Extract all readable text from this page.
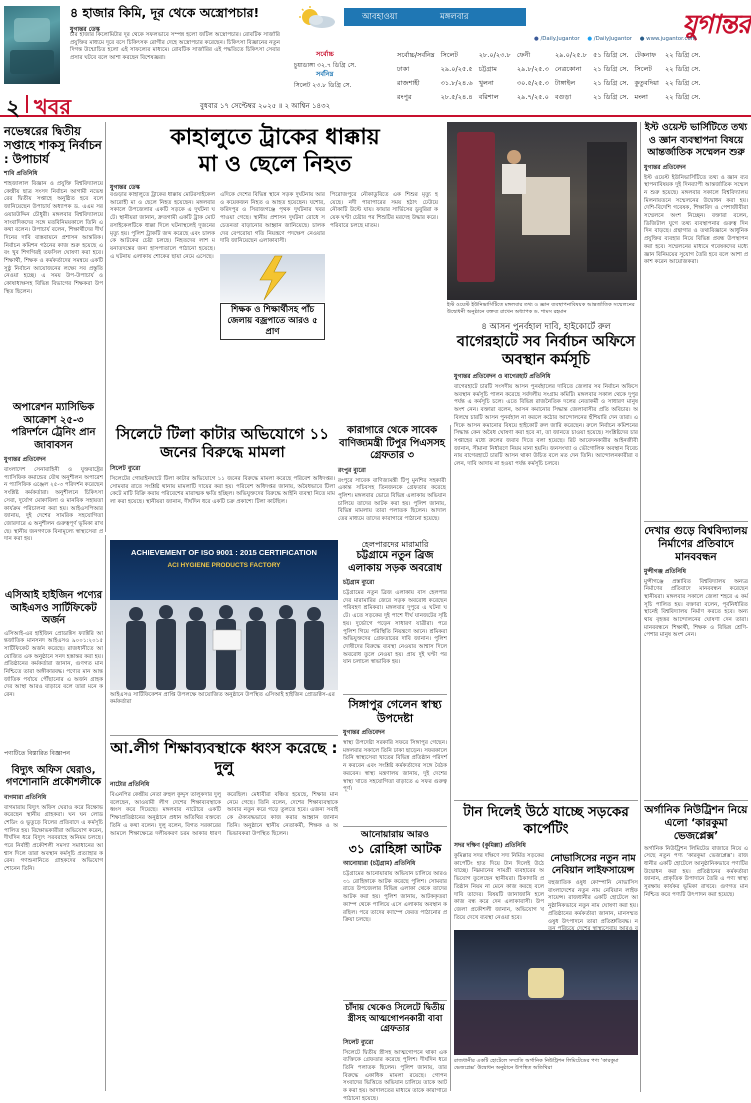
৪ হাজার কিমি, দূর থেকে অস্ত্রোপচার!
যুগান্তর ডেস্ক
চার হাজার কিলোমিটার দূর থেকে সফলভাবে সম্পন্ন হলো জটিল অস্ত্রোপচার। রোবটিক সার্জারি প্রযুক্তির মাধ্যমে দূরে বসে চিকিৎসক রোগীর দেহে অস্ত্রোপচার করেছেন। চিকিৎসা বিজ্ঞানের নতুন দিগন্ত উন্মোচিত হলো এই সাফল্যের মাধ্যমে। রোবটিক সার্জারির এই পদ্ধতিতে চিকিৎসা সেবার প্রসার ঘটবে বলে আশা করছেন বিশেষজ্ঞরা।
আবহাওয়া	মঙ্গলবার	যুগান্তর
● /Daily.Jugantor ● /DailyJugantor ● www.jugantor.com
সর্বোচ্চ
চুয়াডাঙ্গা ৩২.৭ ডিগ্রি সে.
সর্বনিম্ন
সিলেট ২৩.৮ ডিগ্রি সে.
সর্বোচ্চ/সর্বনিম্ন	সিলেট	২৮.০/২৩.৮	ফেনী	২৯.০/২৫.৮	৫১ ডিগ্রি সে.	টেকনাফ	২২ ডিগ্রি সে.
ঢাকা	২৯.০/২৫.৫	চট্টগ্রাম	২৯.৮/২৫.৩	নেত্রকোনা	২১ ডিগ্রি সে.	সিলেট	২২ ডিগ্রি সে.
রাজশাহী	৩১.৮/২৪.৬	খুলনা	৩০.৫/২৫.৩	টাঙ্গাইল	২১ ডিগ্রি সে.	কুতুবদিয়া	২২ ডিগ্রি সে.
রংপুর	২৮.৫/২৪.৪	বরিশাল	২৯.৭/২৫.০	বগুড়া	২১ ডিগ্রি সে.	মংলা	২২ ডিগ্রি সে.
২ খবর	বুধবার ১৭ সেপ্টেম্বর ২০২৫ ॥ ২ আশ্বিন ১৪৩২
নভেম্বরের দ্বিতীয় সপ্তাহে শাকসু নির্বাচন : উপাচার্য
শাবি প্রতিনিধি
শাহজালাল বিজ্ঞান ও প্রযুক্তি বিশ্ববিদ্যালয়ে কেন্দ্রীয় ছাত্র সংসদ নির্বাচন আগামী নভেম্বরের দ্বিতীয় সপ্তাহে অনুষ্ঠিত হবে বলে জানিয়েছেন উপাচার্য অধ্যাপক ড. এএম সরওয়ারউদ্দিন চৌধুরী। মঙ্গলবার বিশ্ববিদ্যালয়ে সাংবাদিকদের সঙ্গে মতবিনিময়কালে তিনি এ কথা বলেন। উপাচার্য বলেন, শিক্ষার্থীদের দীর্ঘদিনের দাবি বাস্তবায়নে প্রশাসন আন্তরিক। নির্বাচন কমিশন গঠনের কাজ শুরু হয়েছে এবং খুব শিগগিরই তফসিল ঘোষণা করা হবে। শিক্ষার্থী, শিক্ষক ও কর্মকর্তাদের সমন্বয়ে একটি সুষ্ঠু নির্বাচন আয়োজনের লক্ষ্যে সব প্রস্তুতি নেওয়া হচ্ছে। এ সময় উপ-উপাচার্য ও কোষাধ্যক্ষসহ বিভিন্ন বিভাগের শিক্ষকরা উপস্থিত ছিলেন।
অপারেশন ম্যাসিভিক আক্রোশ ২৫-৩ পরিদর্শনে ট্রেনিং প্রান জাবাবসন
যুগান্তর প্রতিবেদন
বাংলাদেশ সেনাবাহিনী ও যুক্তরাষ্ট্রের প্যাসিফিক কমান্ডের যৌথ অনুশীলন অপারেশন প্যাসিফিক এঞ্জেল ২৫-৩ পরিদর্শন করেছেন সংশ্লিষ্ট কর্মকর্তারা। অনুশীলনে চিকিৎসা সেবা, দুর্যোগ মোকাবিলা ও মানবিক সহায়তা কার্যক্রম পরিচালনা করা হয়। আইএসপিআর জানায়, দুই দেশের সামরিক সহযোগিতা জোরদারে এ অনুশীলন গুরুত্বপূর্ণ ভূমিকা রাখছে। স্থানীয় জনগণকে বিনামূল্যে স্বাস্থ্যসেবা প্রদান করা হয়।
এসিআই হাইজিন পণ্যের আইএসও সার্টিফিকেট অর্জন
এসিআই-এর হাইজিন প্রোডাক্টস ফ্যাক্টরি আন্তর্জাতিক মানসনদ আইএসও ৯০০১:২০১৫ সার্টিফিকেট অর্জন করেছে। রাজধানীতে আয়োজিত এক অনুষ্ঠানে সনদ হস্তান্তর করা হয়। প্রতিষ্ঠানের কর্মকর্তারা জানান, গুণগত মান নিশ্চিতে তারা অঙ্গীকারবদ্ধ। পণ্যের মান আন্তর্জাতিক পর্যায়ে পৌঁছানোর এ অর্জন গ্রাহকদের আস্থা আরও বাড়াবে বলে তারা মনে করেন।
পণ্যটিতে বিস্তারিত বিজ্ঞাপন
বিদ্যুৎ অফিস ঘেরাও, গণশোনানি প্রকৌশলীকে
বাগমারা প্রতিনিধি
বাগমারায় বিদ্যুৎ অফিস ঘেরাও করে বিক্ষোভ করেছেন স্থানীয় গ্রাহকরা। ঘন ঘন লোডশেডিং ও ভুতুড়ে বিলের প্রতিবাদে এ কর্মসূচি পালিত হয়। বিক্ষোভকারীরা অভিযোগ করেন, দীর্ঘদিন ধরে বিদ্যুৎ সরবরাহে অনিয়ম চলছে। পরে নির্বাহী প্রকৌশলী সমস্যা সমাধানের আশ্বাস দিলে তারা অবস্থান কর্মসূচি প্রত্যাহার করেন। গণশুনানিতে গ্রাহকদের অভিযোগ শোনেন তিনি।
কাহালুতে ট্রাকের ধাক্কায়
মা ও ছেলে নিহত
যুগান্তর ডেস্ক
বগুড়ার কাহালুতে ট্রাকের ধাক্কায় মোটরসাইকেল আরোহী মা ও ছেলে নিহত হয়েছেন। মঙ্গলবার সকালে উপজেলার একটি সড়কে এ দুর্ঘটনা ঘটে। স্থানীয়রা জানান, দ্রুতগামী একটি ট্রাক মোটরসাইকেলটিকে ধাক্কা দিলে ঘটনাস্থলেই দুজনের মৃত্যু হয়। পুলিশ ট্রাকটি জব্দ করেছে এবং চালককে আটকের চেষ্টা চলছে। নিহতদের লাশ ময়নাতদন্তের জন্য হাসপাতালে পাঠানো হয়েছে। এ ঘটনায় এলাকায় শোকের ছায়া নেমে এসেছে।
এদিকে দেশের বিভিন্ন স্থানে সড়ক দুর্ঘটনায় আরও কয়েকজন নিহত ও আহত হয়েছেন। যশোর, ফরিদপুর ও সিরাজগঞ্জে পৃথক দুর্ঘটনার খবর পাওয়া গেছে। স্থানীয় প্রশাসন দুর্ঘটনা রোধে সচেতনতা বাড়ানোর আহ্বান জানিয়েছে। চালকদের বেপরোয়া গতি নিয়ন্ত্রণে পদক্ষেপ নেওয়ার দাবি জানিয়েছেন এলাকাবাসী।
শিক্ষক ও শিক্ষার্থীসহ পাঁচ জেলায় বজ্রপাতে আরও ৫ প্রাণ
পিরোজপুরে নৌকাডুবিতে এক শিশুর মৃত্যু হয়েছে। নদী পারাপারের সময় হঠাৎ ঢেউয়ে নৌকাটি উল্টে যায়। ফায়ার সার্ভিসের ডুবুরিরা কয়েক ঘণ্টা চেষ্টার পর শিশুটির মরদেহ উদ্ধার করে। পরিবারে চলছে মাতম।
সিলেটে টিলা কাটার অভিযোগে ১১ জনের বিরুদ্ধে মামলা
সিলেট ব্যুরো
সিলেটের গোয়াইনঘাটে টিলা কাটার অভিযোগে ১১ জনের বিরুদ্ধে মামলা করেছে পরিবেশ অধিদপ্তর। সোমবার রাতে সংশ্লিষ্ট থানায় মামলাটি দায়ের করা হয়। পরিবেশ অধিদপ্তর জানায়, অবৈধভাবে টিলা কেটে মাটি বিক্রি করায় পরিবেশের মারাত্মক ক্ষতি হচ্ছিল। অভিযুক্তদের বিরুদ্ধে আইনি ব্যবস্থা নিতে মামলা করা হয়েছে। স্থানীয়রা জানান, দীর্ঘদিন ধরে একটি চক্র প্রকাশ্যে টিলা কাটছিল।
কারাগারে থেকে সাবেক বাণিজ্যমন্ত্রী টিপুর পিএসসহ গ্রেফতার ৩
রংপুর ব্যুরো
রংপুরে সাবেক বাণিজ্যমন্ত্রী টিপু মুনশির সহকারী একান্ত সচিবসহ তিনজনকে গ্রেফতার করেছে পুলিশ। মঙ্গলবার ভোরে বিভিন্ন এলাকায় অভিযান চালিয়ে তাদের আটক করা হয়। পুলিশ জানায়, বিভিন্ন মামলায় তারা পলাতক ছিলেন। আদালতের মাধ্যমে তাদের কারাগারে পাঠানো হয়েছে।
ইস্ট ওয়েস্ট ইউনিভার্সিটিতে মঙ্গলবার তথ্য ও জ্ঞান ব্যবস্থাপনাবিষয়ক আন্তর্জাতিক সম্মেলনের উদ্বোধনী অনুষ্ঠানে বক্তব্য রাখেন অধ্যাপক ড. শামস রহমান
৪ আসন পুনর্বহাল দাবি, হাইকোর্টে রুল
বাগেরহাটে সব নির্বাচন অফিসে অবস্থান কর্মসূচি
যুগান্তর প্রতিবেদন ও বাগেরহাট প্রতিনিধি
বাগেরহাটে চারটি সংসদীয় আসন পুনর্বহালের দাবিতে জেলার সব নির্বাচন অফিসে অবস্থান কর্মসূচি পালন করেছে সর্বদলীয় সংগ্রাম কমিটি। মঙ্গলবার সকাল থেকে দুপুর পর্যন্ত এ কর্মসূচি চলে। এতে বিভিন্ন রাজনৈতিক দলের নেতাকর্মী ও সাধারণ মানুষ অংশ নেন। বক্তারা বলেন, আসন কমানোর সিদ্ধান্ত জেলাবাসীর প্রতি অবিচার। অবিলম্বে চারটি আসন পুনর্বহাল না করলে কঠোর আন্দোলনের হুঁশিয়ারি দেন তারা। এদিকে আসন কমানোর বিষয়ে হাইকোর্ট রুল জারি করেছেন। রুলে নির্বাচন কমিশনের সিদ্ধান্ত কেন অবৈধ ঘোষণা করা হবে না, তা জানতে চাওয়া হয়েছে। সংশ্লিষ্টদের চার সপ্তাহের মধ্যে রুলের জবাব দিতে বলা হয়েছে। রিট আবেদনকারীর আইনজীবী জানান, সীমানা নির্ধারণে নিয়ম মানা হয়নি। জনসংখ্যা ও ভৌগোলিক অবস্থান বিবেচনায় বাগেরহাটে চারটি আসন থাকা উচিত বলে মত দেন তিনি। আন্দোলনকারীরা বলেন, দাবি আদায় না হওয়া পর্যন্ত কর্মসূচি চলবে।
হেলপারদের মারামারি
চট্টগ্রামে নতুন ব্রিজ এলাকায় সড়ক অবরোধ
চট্টগ্রাম ব্যুরো
চট্টগ্রামের নতুন ব্রিজ এলাকায় বাস হেলপারদের মারামারির জেরে সড়ক অবরোধ করেছেন পরিবহণ শ্রমিকরা। মঙ্গলবার দুপুরে এ ঘটনা ঘটে। এতে সড়কের দুই পাশে দীর্ঘ যানজটের সৃষ্টি হয়। দুর্ভোগে পড়েন সাধারণ যাত্রীরা। পরে পুলিশ গিয়ে পরিস্থিতি নিয়ন্ত্রণে আনে। শ্রমিকরা অভিযুক্তদের গ্রেফতারের দাবি জানান। পুলিশ দোষীদের বিরুদ্ধে ব্যবস্থা নেওয়ার আশ্বাস দিলে অবরোধ তুলে নেওয়া হয়। প্রায় দুই ঘণ্টা পর যান চলাচল স্বাভাবিক হয়।
সিঙ্গাপুর গেলেন স্বাস্থ্য উপদেষ্টা
যুগান্তর প্রতিবেদন
স্বাস্থ্য উপদেষ্টা সরকারি সফরে সিঙ্গাপুর গেছেন। মঙ্গলবার সকালে তিনি ঢাকা ছাড়েন। সফরকালে তিনি স্বাস্থ্যসেবা খাতের বিভিন্ন প্রতিষ্ঠান পরিদর্শন করবেন এবং সংশ্লিষ্ট কর্মকর্তাদের সঙ্গে বৈঠক করবেন। স্বাস্থ্য মন্ত্রণালয় জানায়, দুই দেশের স্বাস্থ্য খাতে সহযোগিতা বাড়াতে এ সফর গুরুত্বপূর্ণ।
আনোয়ারায় আরও
৩১ রোহিঙ্গা আটক
আনোয়ারা (চট্টগ্রাম) প্রতিনিধি
চট্টগ্রামের আনোয়ারায় অভিযান চালিয়ে আরও ৩১ রোহিঙ্গাকে আটক করেছে পুলিশ। সোমবার রাতে উপজেলার বিভিন্ন এলাকা থেকে তাদের আটক করা হয়। পুলিশ জানায়, আটককৃতরা ক্যাম্প থেকে পালিয়ে এসে এলাকায় অবস্থান করছিল। পরে তাদের ক্যাম্পে ফেরত পাঠানোর প্রক্রিয়া চলছে।
টান দিলেই উঠে যাচ্ছে সড়কের কার্পেটিং
সদর দক্ষিণ (কুমিল্লা) প্রতিনিধি
কুমিল্লার সদর দক্ষিণে সদ্য নির্মিত সড়কের কার্পেটিং হাত দিয়ে টান দিলেই উঠে যাচ্ছে। নিম্নমানের সামগ্রী ব্যবহারের অভিযোগ তুলেছেন স্থানীয়রা। ঠিকাদারি প্রতিষ্ঠান নিয়ম না মেনে কাজ করছে বলে দাবি তাদের। বিষয়টি জানাজানি হলে কাজ বন্ধ করে দেন এলাকাবাসী। উপজেলা প্রকৌশলী জানান, অভিযোগ খতিয়ে দেখে ব্যবস্থা নেওয়া হবে।
নোভাসিসের নতুন নাম নেবিয়ান লাইফসায়েন্স
বহুজাতিক ওষুধ কোম্পানি নোভাসিস বাংলাদেশের নতুন নাম নেবিয়ান লাইফসায়েন্স। রাজধানীর একটি হোটেলে আনুষ্ঠানিকভাবে নতুন নাম ঘোষণা করা হয়। প্রতিষ্ঠানের কর্মকর্তারা জানান, মানসম্মত ওষুধ উৎপাদনে তারা প্রতিশ্রুতিবদ্ধ। ন
রাজধানীর একটি হোটেলে সম্প্রতি অর্গানিক নিউট্রিশন লিমিটেডের পণ্য ‘কারকুমা ভেজপ্লেক্স’ উদ্বোধন অনুষ্ঠানে উপস্থিত অতিথিরা
ইস্ট ওয়েস্ট ভার্সিটিতে তথ্য ও জ্ঞান ব্যবস্থাপনা বিষয়ে আন্তর্জাতিক সম্মেলন শুরু
যুগান্তর প্রতিবেদন
ইস্ট ওয়েস্ট ইউনিভার্সিটিতে তথ্য ও জ্ঞান ব্যবস্থাপনাবিষয়ক দুই দিনব্যাপী আন্তর্জাতিক সম্মেলন শুরু হয়েছে। মঙ্গলবার সকালে বিশ্ববিদ্যালয় মিলনায়তনে সম্মেলনের উদ্বোধন করা হয়। দেশি-বিদেশি গবেষক, শিক্ষাবিদ ও পেশাজীবীরা সম্মেলনে অংশ নিচ্ছেন। বক্তারা বলেন, ডিজিটাল যুগে তথ্য ব্যবস্থাপনার গুরুত্ব দিন দিন বাড়ছে। গ্রন্থাগার ও তথ্যবিজ্ঞানে আধুনিক প্রযুক্তির ব্যবহার নিয়ে বিভিন্ন প্রবন্ধ উপস্থাপন করা হবে। সম্মেলনের মাধ্যমে গবেষকদের মধ্যে জ্ঞান বিনিময়ের সুযোগ তৈরি হবে বলে আশা প্রকাশ করেন আয়োজকরা।
দেখার গুড়ে বিশ্ববিদ্যালয় নির্মাণের প্রতিবাদে মানববন্ধন
মুন্সীগঞ্জ প্রতিনিধি
মুন্সীগঞ্জে প্রস্তাবিত বিশ্ববিদ্যালয় অন্যত্র নির্মাণের প্রতিবাদে মানববন্ধন করেছেন স্থানীয়রা। মঙ্গলবার সকালে জেলা শহরে এ কর্মসূচি পালিত হয়। বক্তারা বলেন, পূর্বনির্ধারিত স্থানেই বিশ্ববিদ্যালয় নির্মাণ করতে হবে। অন্যথায় বৃহত্তর আন্দোলনের ঘোষণা দেন তারা। মানববন্ধনে শিক্ষার্থী, শিক্ষক ও বিভিন্ন শ্রেণি-পেশার মানুষ অংশ নেন।
অর্গানিক নিউট্রিশন নিয়ে এলো ‘কারকুমা ভেজপ্লেক্স’
অর্গানিক নিউট্রিশন লিমিটেড বাজারে নিয়ে এসেছে নতুন পণ্য ‘কারকুমা ভেজপ্লেক্স’। রাজধানীর একটি হোটেলে আনুষ্ঠানিকভাবে পণ্যটির উদ্বোধন করা হয়। প্রতিষ্ঠানের কর্মকর্তারা জানান, প্রাকৃতিক উপাদানে তৈরি এ পণ্য স্বাস্থ্য সুরক্ষায় কার্যকর ভূমিকা রাখবে। গুণগত মান নিশ্চিত করে পণ্যটি উৎপাদন করা হয়েছে।
ACHIEVEMENT OF ISO 9001 : 2015 CERTIFICATION
ACI HYGIENE PRODUCTS FACTORY
আইএসও সার্টিফিকেশন প্রাপ্তি উপলক্ষে আয়োজিত অনুষ্ঠানে উপস্থিত এসিআই হাইজিন প্রোডাক্টস-এর কর্মকর্তারা
আ.লীগ শিক্ষাব্যবস্থাকে ধ্বংস করেছে : দুলু
নাটোর প্রতিনিধি
বিএনপির কেন্দ্রীয় নেতা রুহুল কুদ্দুস তালুকদার দুলু বলেছেন, আওয়ামী লীগ দেশের শিক্ষাব্যবস্থাকে ধ্বংস করে দিয়েছে। মঙ্গলবার নাটোরে একটি শিক্ষাপ্রতিষ্ঠানের অনুষ্ঠানে প্রধান অতিথির বক্তব্যে তিনি এ কথা বলেন। দুলু বলেন, বিগত সরকারের আমলে শিক্ষাক্ষেত্রে দলীয়করণ চরম আকার ধারণ করেছিল। মেধাবীরা বঞ্চিত হয়েছে, শিক্ষার মান নেমে গেছে। তিনি বলেন, দেশের শিক্ষাব্যবস্থাকে আবার নতুন করে গড়ে তুলতে হবে। এজন্য সবাইকে ঐক্যবদ্ধভাবে কাজ করার আহ্বান জানান তিনি। অনুষ্ঠানে স্থানীয় নেতাকর্মী, শিক্ষক ও অভিভাবকরা উপস্থিত ছিলেন।
চাঁদায় থেকেও সিলেটে দ্বিতীয় স্ত্রীসহ আত্মগোপনকারী বাবা গ্রেফতার
সিলেট ব্যুরো
সিলেটে দ্বিতীয় স্ত্রীসহ আত্মগোপনে থাকা এক ব্যক্তিকে গ্রেফতার করেছে পুলিশ। দীর্ঘদিন ধরে তিনি পলাতক ছিলেন। পুলিশ জানায়, তার বিরুদ্ধে একাধিক মামলা রয়েছে। গোপন সংবাদের ভিত্তিতে অভিযান চালিয়ে তাকে আটক করা হয়। আদালতের মাধ্যমে তাকে কারাগারে পাঠানো হয়েছে।
